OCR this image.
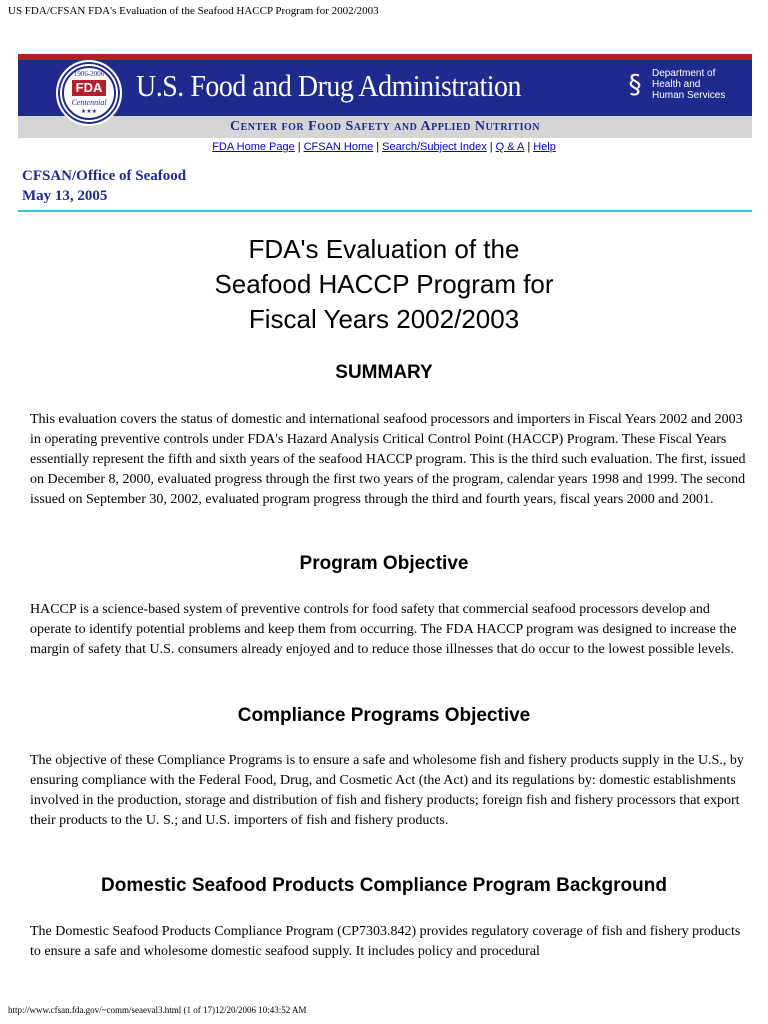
US FDA/CFSAN FDA's Evaluation of the Seafood HACCP Program for 2002/2003
1906-2006
FDA
Centennial
★★★
U.S. Food and Drug Administration	§	Department of
Health and
Human Services
Center for Food Safety and Applied Nutrition
FDA Home Page | CFSAN Home | Search/Subject Index | Q & A | Help
CFSAN/Office of Seafood
May 13, 2005
FDA's Evaluation of the
Seafood HACCP Program for
Fiscal Years 2002/2003
SUMMARY
This evaluation covers the status of domestic and international seafood processors and importers in Fiscal Years 2002 and 2003 in operating preventive controls under FDA's Hazard Analysis Critical Control Point (HACCP) Program. These Fiscal Years essentially represent the fifth and sixth years of the seafood HACCP program. This is the third such evaluation. The first, issued on December 8, 2000, evaluated progress through the first two years of the program, calendar years 1998 and 1999. The second issued on September 30, 2002, evaluated program progress through the third and fourth years, fiscal years 2000 and 2001.
Program Objective
HACCP is a science-based system of preventive controls for food safety that commercial seafood processors develop and operate to identify potential problems and keep them from occurring. The FDA HACCP program was designed to increase the margin of safety that U.S. consumers already enjoyed and to reduce those illnesses that do occur to the lowest possible levels.
Compliance Programs Objective
The objective of these Compliance Programs is to ensure a safe and wholesome fish and fishery products supply in the U.S., by ensuring compliance with the Federal Food, Drug, and Cosmetic Act (the Act) and its regulations by: domestic establishments involved in the production, storage and distribution of fish and fishery products; foreign fish and fishery processors that export their products to the U. S.; and U.S. importers of fish and fishery products.
Domestic Seafood Products Compliance Program Background
The Domestic Seafood Products Compliance Program (CP7303.842) provides regulatory coverage of fish and fishery products to ensure a safe and wholesome domestic seafood supply. It includes policy and procedural
http://www.cfsan.fda.gov/~comm/seaeval3.html (1 of 17)12/20/2006 10:43:52 AM
